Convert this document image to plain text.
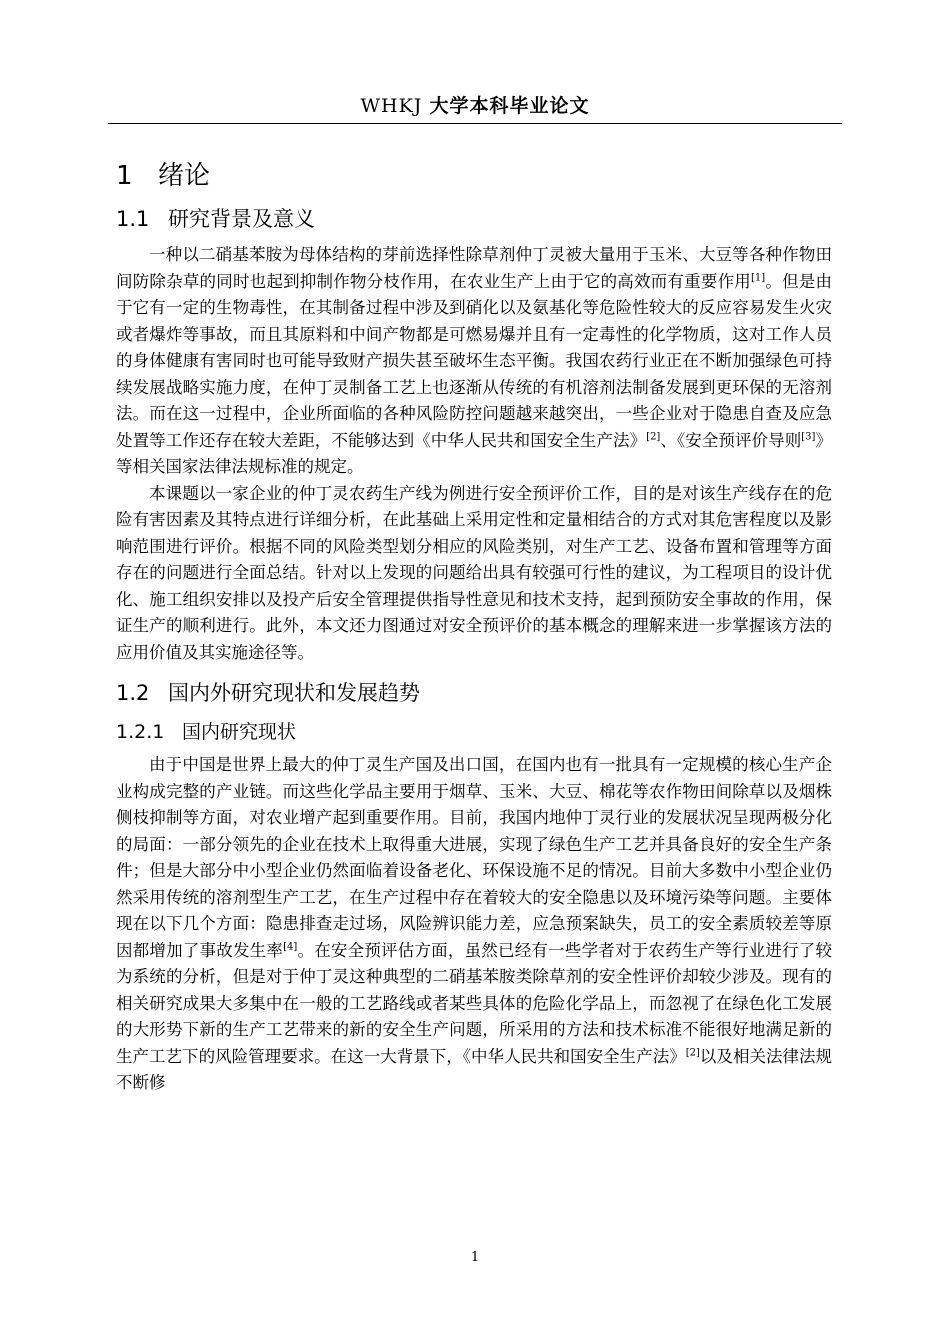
WHKJ 大学本科毕业论文
1 绪论
1.1 研究背景及意义

一种以二硝基苯胺为母体结构的芽前选择性除草剂仲丁灵被大量用于玉米、大豆等各种作物田间防除杂草的同时也起到抑制作物分枝作用，在农业生产上由于它的高效而有重要作用[1]。但是由于它有一定的生物毒性，在其制备过程中涉及到硝化以及氨基化等危险性较大的反应容易发生火灾或者爆炸等事故，而且其原料和中间产物都是可燃易爆并且有一定毒性的化学物质，这对工作人员的身体健康有害同时也可能导致财产损失甚至破坏生态平衡。我国农药行业正在不断加强绿色可持续发展战略实施力度，在仲丁灵制备工艺上也逐渐从传统的有机溶剂法制备发展到更环保的无溶剂法。而在这一过程中，企业所面临的各种风险防控问题越来越突出，一些企业对于隐患自查及应急处置等工作还存在较大差距，不能够达到《中华人民共和国安全生产法》[2]、《安全预评价导则[3]》等相关国家法律法规标准的规定。

本课题以一家企业的仲丁灵农药生产线为例进行安全预评价工作，目的是对该生产线存在的危险有害因素及其特点进行详细分析，在此基础上采用定性和定量相结合的方式对其危害程度以及影响范围进行评价。根据不同的风险类型划分相应的风险类别，对生产工艺、设备布置和管理等方面存在的问题进行全面总结。针对以上发现的问题给出具有较强可行性的建议，为工程项目的设计优化、施工组织安排以及投产后安全管理提供指导性意见和技术支持，起到预防安全事故的作用，保证生产的顺利进行。此外，本文还力图通过对安全预评价的基本概念的理解来进一步掌握该方法的应用价值及其实施途径等。

1.2 国内外研究现状和发展趋势
1.2.1 国内研究现状

由于中国是世界上最大的仲丁灵生产国及出口国，在国内也有一批具有一定规模的核心生产企业构成完整的产业链。而这些化学品主要用于烟草、玉米、大豆、棉花等农作物田间除草以及烟株侧枝抑制等方面，对农业增产起到重要作用。目前，我国内地仲丁灵行业的发展状况呈现两极分化的局面：一部分领先的企业在技术上取得重大进展，实现了绿色生产工艺并具备良好的安全生产条件；但是大部分中小型企业仍然面临着设备老化、环保设施不足的情况。目前大多数中小型企业仍然采用传统的溶剂型生产工艺，在生产过程中存在着较大的安全隐患以及环境污染等问题。主要体现在以下几个方面：隐患排查走过场，风险辨识能力差，应急预案缺失，员工的安全素质较差等原因都增加了事故发生率[4]。在安全预评估方面，虽然已经有一些学者对于农药生产等行业进行了较为系统的分析，但是对于仲丁灵这种典型的二硝基苯胺类除草剂的安全性评价却较少涉及。现有的相关研究成果大多集中在一般的工艺路线或者某些具体的危险化学品上，而忽视了在绿色化工发展的大形势下新的生产工艺带来的新的安全生产问题，所采用的方法和技术标准不能很好地满足新的生产工艺下的风险管理要求。在这一大背景下，《中华人民共和国安全生产法》[2]以及相关法律法规不断修

1
